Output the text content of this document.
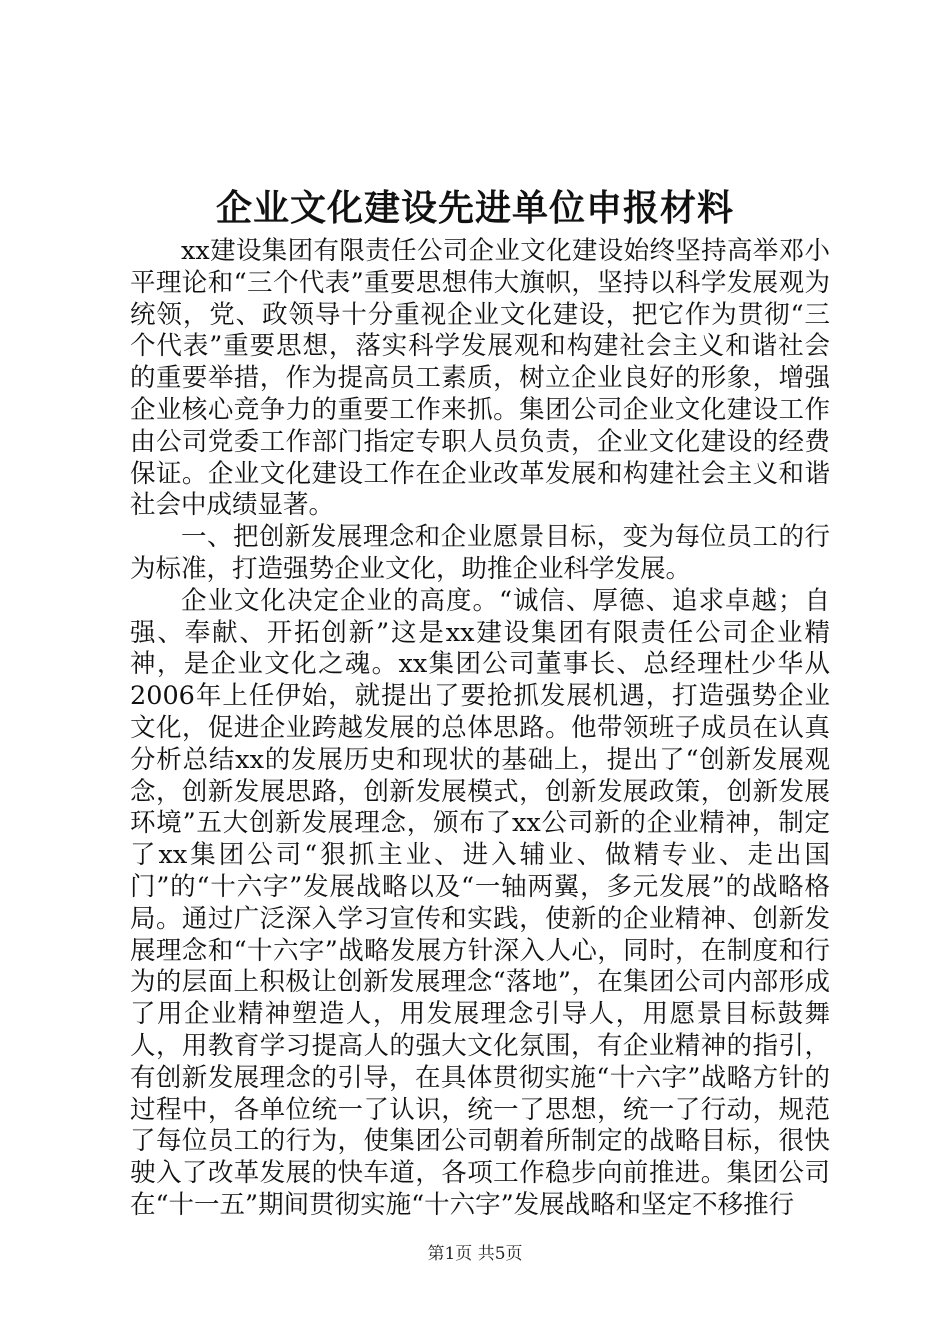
企业文化建设先进单位申报材料

xx建设集团有限责任公司企业文化建设始终坚持高举邓小平理论和“三个代表”重要思想伟大旗帜，坚持以科学发展观为统领，党、政领导十分重视企业文化建设，把它作为贯彻“三个代表”重要思想，落实科学发展观和构建社会主义和谐社会的重要举措，作为提高员工素质，树立企业良好的形象，增强企业核心竞争力的重要工作来抓。集团公司企业文化建设工作由公司党委工作部门指定专职人员负责，企业文化建设的经费保证。企业文化建设工作在企业改革发展和构建社会主义和谐社会中成绩显著。

一、把创新发展理念和企业愿景目标，变为每位员工的行为标准，打造强势企业文化，助推企业科学发展。

企业文化决定企业的高度。“诚信、厚德、追求卓越；自强、奉献、开拓创新”这是xx建设集团有限责任公司企业精神，是企业文化之魂。xx集团公司董事长、总经理杜少华从2006年上任伊始，就提出了要抢抓发展机遇，打造强势企业文化，促进企业跨越发展的总体思路。他带领班子成员在认真分析总结xx的发展历史和现状的基础上，提出了“创新发展观念，创新发展思路，创新发展模式，创新发展政策，创新发展环境”五大创新发展理念，颁布了xx公司新的企业精神，制定了xx集团公司“狠抓主业、进入辅业、做精专业、走出国门”的“十六字”发展战略以及“一轴两翼，多元发展”的战略格局。通过广泛深入学习宣传和实践，使新的企业精神、创新发展理念和“十六字”战略发展方针深入人心，同时，在制度和行为的层面上积极让创新发展理念“落地”，在集团公司内部形成了用企业精神塑造人，用发展理念引导人，用愿景目标鼓舞人，用教育学习提高人的强大文化氛围，有企业精神的指引，有创新发展理念的引导，在具体贯彻实施“十六字”战略方针的过程中，各单位统一了认识，统一了思想，统一了行动，规范了每位员工的行为，使集团公司朝着所制定的战略目标，很快驶入了改革发展的快车道，各项工作稳步向前推进。集团公司在“十一五”期间贯彻实施“十六字”发展战略和坚定不移推行

第1页 共5页
